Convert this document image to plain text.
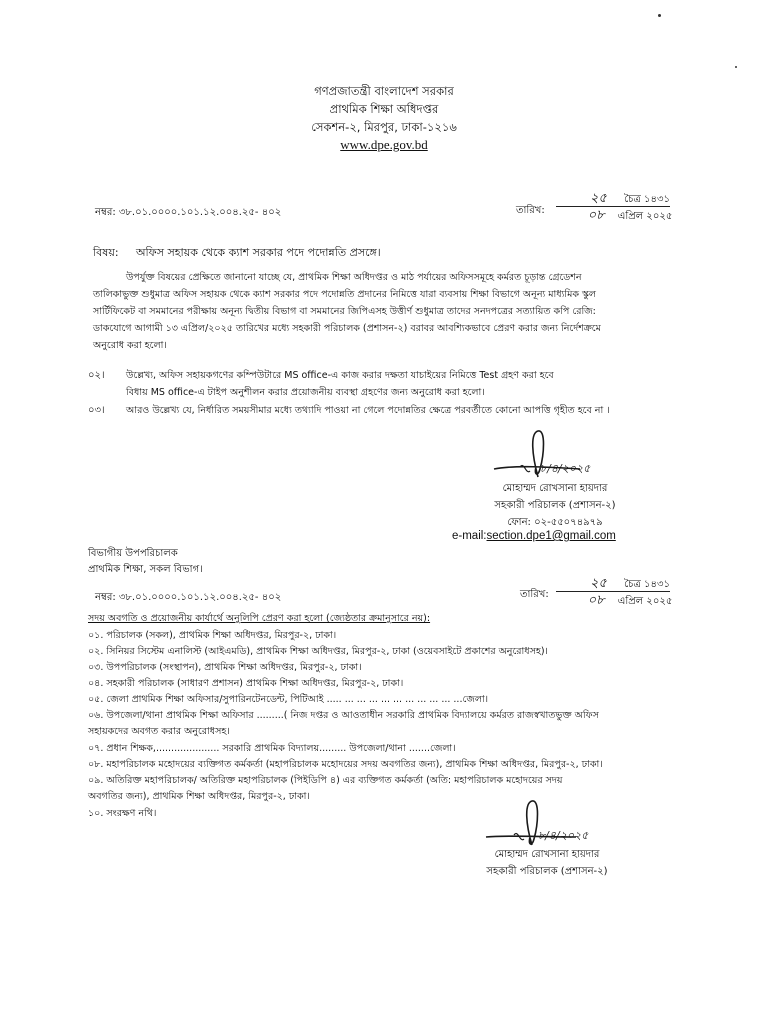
গণপ্রজাতন্ত্রী বাংলাদেশ সরকার
প্রাথমিক শিক্ষা অধিদপ্তর
সেকশন-২, মিরপুর, ঢাকা-১২১৬
www.dpe.gov.bd
নম্বর: ৩৮.০১.০০০০.১০১.১২.০০৪.২৫- ৪০২	তারিখ:
২৫ চৈত্র ১৪৩১
০৮ এপ্রিল ২০২৫
বিষয়: অফিস সহায়ক থেকে ক্যাশ সরকার পদে পদোন্নতি প্রসঙ্গে।
উপর্যুক্ত বিষয়ের প্রেক্ষিতে জানানো যাচ্ছে যে, প্রাথমিক শিক্ষা অধিদপ্তর ও মাঠ পর্যায়ের অফিসসমূহে কর্মরত চূড়ান্ত গ্রেডেশন
তালিকাভুক্ত শুধুমাত্র অফিস সহায়ক থেকে ক্যাশ সরকার পদে পদোন্নতি প্রদানের নিমিত্তে যারা ব্যবসায় শিক্ষা বিভাগে অনূন্য মাধ্যমিক স্কুল
সার্টিফিকেট বা সমমানের পরীক্ষায় অনূন্য দ্বিতীয় বিভাগ বা সমমানের জিপিএসহ উত্তীর্ণ শুধুমাত্র তাদের সনদপত্রের সত্যায়িত কপি রেজি:
ডাকযোগে আগামী ১৩ এপ্রিল/২০২৫ তারিখের মধ্যে সহকারী পরিচালক (প্রশাসন-২) বরাবর আবশ্যিকভাবে প্রেরণ করার জন্য নির্দেশক্রমে
অনুরোধ করা হলো।
০২। উল্লেখ্য, অফিস সহায়কগণের কম্পিউটারে MS office-এ কাজ করার দক্ষতা যাচাইয়ের নিমিত্তে Test গ্রহণ করা হবে
বিধায় MS office-এ টাইপ অনুশীলন করার প্রয়োজনীয় ব্যবস্থা গ্রহণের জন্য অনুরোধ করা হলো।
০৩। আরও উল্লেখ্য যে, নির্ধারিত সময়সীমার মধ্যে তথ্যাদি পাওয়া না গেলে পদোন্নতির ক্ষেত্রে পরবর্তীতে কোনো আপত্তি গৃহীত হবে না ।
৮/৪/২০২৫
মোহাম্মদ রোখসানা হায়দার
সহকারী পরিচালক (প্রশাসন-২)
ফোন: ০২-৫৫০৭৪৯৭৯
e-mail:section.dpe1@gmail.com
বিভাগীয় উপপরিচালক
প্রাথমিক শিক্ষা, সকল বিভাগ।
নম্বর: ৩৮.০১.০০০০.১০১.১২.০০৪.২৫- ৪০২	তারিখ:
২৫ চৈত্র ১৪৩১
০৮ এপ্রিল ২০২৫
সদয় অবগতি ও প্রয়োজনীয় কার্যার্থে অনুলিপি প্রেরণ করা হলো (জ্যেষ্ঠতার ক্রমানুসারে নয়):
০১. পরিচালক (সকল), প্রাথমিক শিক্ষা অধিদপ্তর, মিরপুর-২, ঢাকা।
০২. সিনিয়র সিস্টেম এনালিস্ট (আইএমডি), প্রাথমিক শিক্ষা অধিদপ্তর, মিরপুর-২, ঢাকা (ওয়েবসাইটে প্রকাশের অনুরোধসহ)।
০৩. উপপরিচালক (সংস্থাপন), প্রাথমিক শিক্ষা অধিদপ্তর, মিরপুর-২, ঢাকা।
০৪. সহকারী পরিচালক (সাধারণ প্রশাসন) প্রাথমিক শিক্ষা অধিদপ্তর, মিরপুর-২, ঢাকা।
০৫. জেলা প্রাথমিক শিক্ষা অফিসার/সুপারিনটেনডেন্ট, পিটিআই ..... ... ... ... ... ... ... ... ... ... ...জেলা।
০৬. উপজেলা/থানা প্রাথমিক শিক্ষা অফিসার .........( নিজ দপ্তর ও আওতাধীন সরকারি প্রাথমিক বিদ্যালয়ে কর্মরত রাজস্বখাতভুক্ত অফিস
সহায়কদের অবগত করার অনুরোধসহ।
০৭. প্রধান শিক্ষক,..................... সরকারি প্রাথমিক বিদ্যালয়......... উপজেলা/থানা .......জেলা।
০৮. মহাপরিচালক মহোদয়ের ব্যক্তিগত কর্মকর্তা (মহাপরিচালক মহোদয়ের সদয় অবগতির জন্য), প্রাথমিক শিক্ষা অধিদপ্তর, মিরপুর-২, ঢাকা।
০৯. অতিরিক্ত মহাপরিচালক/ অতিরিক্ত মহাপরিচালক (পিইডিপি ৪) এর ব্যক্তিগত কর্মকর্তা (অতি: মহাপরিচালক মহোদয়ের সদয়
অবগতির জন্য), প্রাথমিক শিক্ষা অধিদপ্তর, মিরপুর-২, ঢাকা।
১০. সংরক্ষণ নথি।
৮/৪/২০২৫
মোহাম্মদ রোখসানা হায়দার
সহকারী পরিচালক (প্রশাসন-২)
